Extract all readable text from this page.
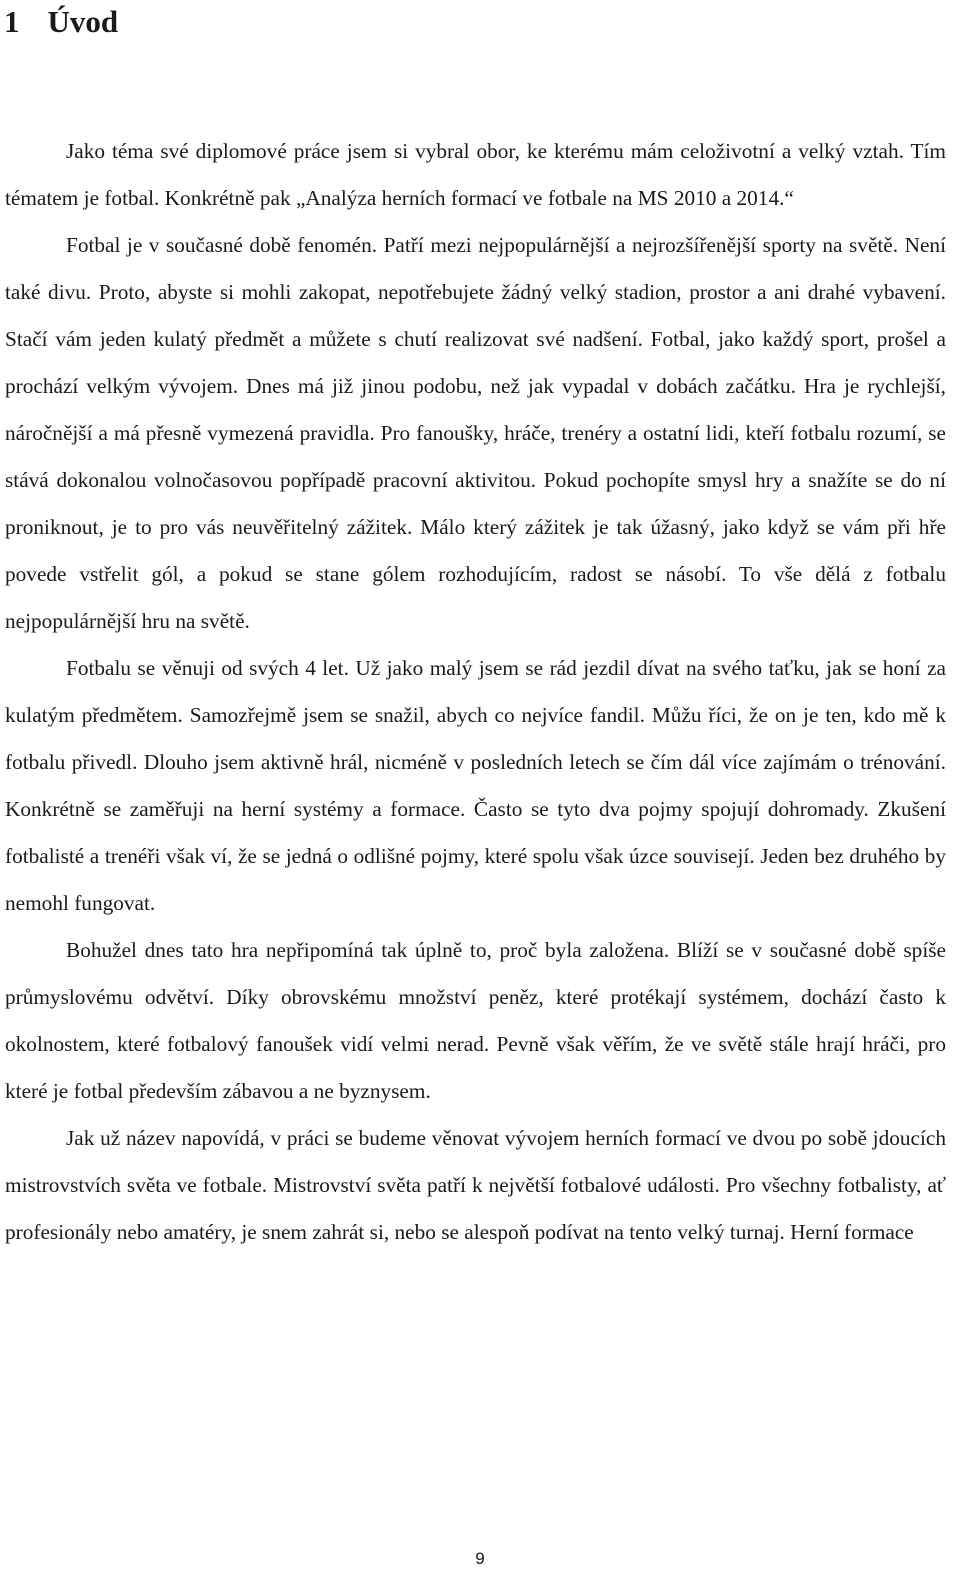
1 Úvod

Jako téma své diplomové práce jsem si vybral obor, ke kterému mám celoživotní a velký vztah. Tím tématem je fotbal. Konkrétně pak „Analýza herních formací ve fotbale na MS 2010 a 2014.“

Fotbal je v současné době fenomén. Patří mezi nejpopulárnější a nejrozšířenější sporty na světě. Není také divu. Proto, abyste si mohli zakopat, nepotřebujete žádný velký stadion, prostor a ani drahé vybavení. Stačí vám jeden kulatý předmět a můžete s chutí realizovat své nadšení. Fotbal, jako každý sport, prošel a prochází velkým vývojem. Dnes má již jinou podobu, než jak vypadal v dobách začátku. Hra je rychlejší, náročnější a má přesně vymezená pravidla. Pro fanoušky, hráče, trenéry a ostatní lidi, kteří fotbalu rozumí, se stává dokonalou volnočasovou popřípadě pracovní aktivitou. Pokud pochopíte smysl hry a snažíte se do ní proniknout, je to pro vás neuvěřitelný zážitek. Málo který zážitek je tak úžasný, jako když se vám při hře povede vstřelit gól, a pokud se stane gólem rozhodujícím, radost se násobí. To vše dělá z fotbalu nejpopulárnější hru na světě.

Fotbalu se věnuji od svých 4 let. Už jako malý jsem se rád jezdil dívat na svého taťku, jak se honí za kulatým předmětem. Samozřejmě jsem se snažil, abych co nejvíce fandil. Můžu říci, že on je ten, kdo mě k fotbalu přivedl. Dlouho jsem aktivně hrál, nicméně v posledních letech se čím dál více zajímám o trénování. Konkrétně se zaměřuji na herní systémy a formace. Často se tyto dva pojmy spojují dohromady. Zkušení fotbalisté a trenéři však ví, že se jedná o odlišné pojmy, které spolu však úzce souvisejí. Jeden bez druhého by nemohl fungovat.

Bohužel dnes tato hra nepřipomíná tak úplně to, proč byla založena. Blíží se v současné době spíše průmyslovému odvětví. Díky obrovskému množství peněz, které protékají systémem, dochází často k okolnostem, které fotbalový fanoušek vidí velmi nerad. Pevně však věřím, že ve světě stále hrají hráči, pro které je fotbal především zábavou a ne byznysem.

Jak už název napovídá, v práci se budeme věnovat vývojem herních formací ve dvou po sobě jdoucích mistrovstvích světa ve fotbale. Mistrovství světa patří k největší fotbalové události. Pro všechny fotbalisty, ať profesionály nebo amatéry, je snem zahrát si, nebo se alespoň podívat na tento velký turnaj. Herní formace

9
